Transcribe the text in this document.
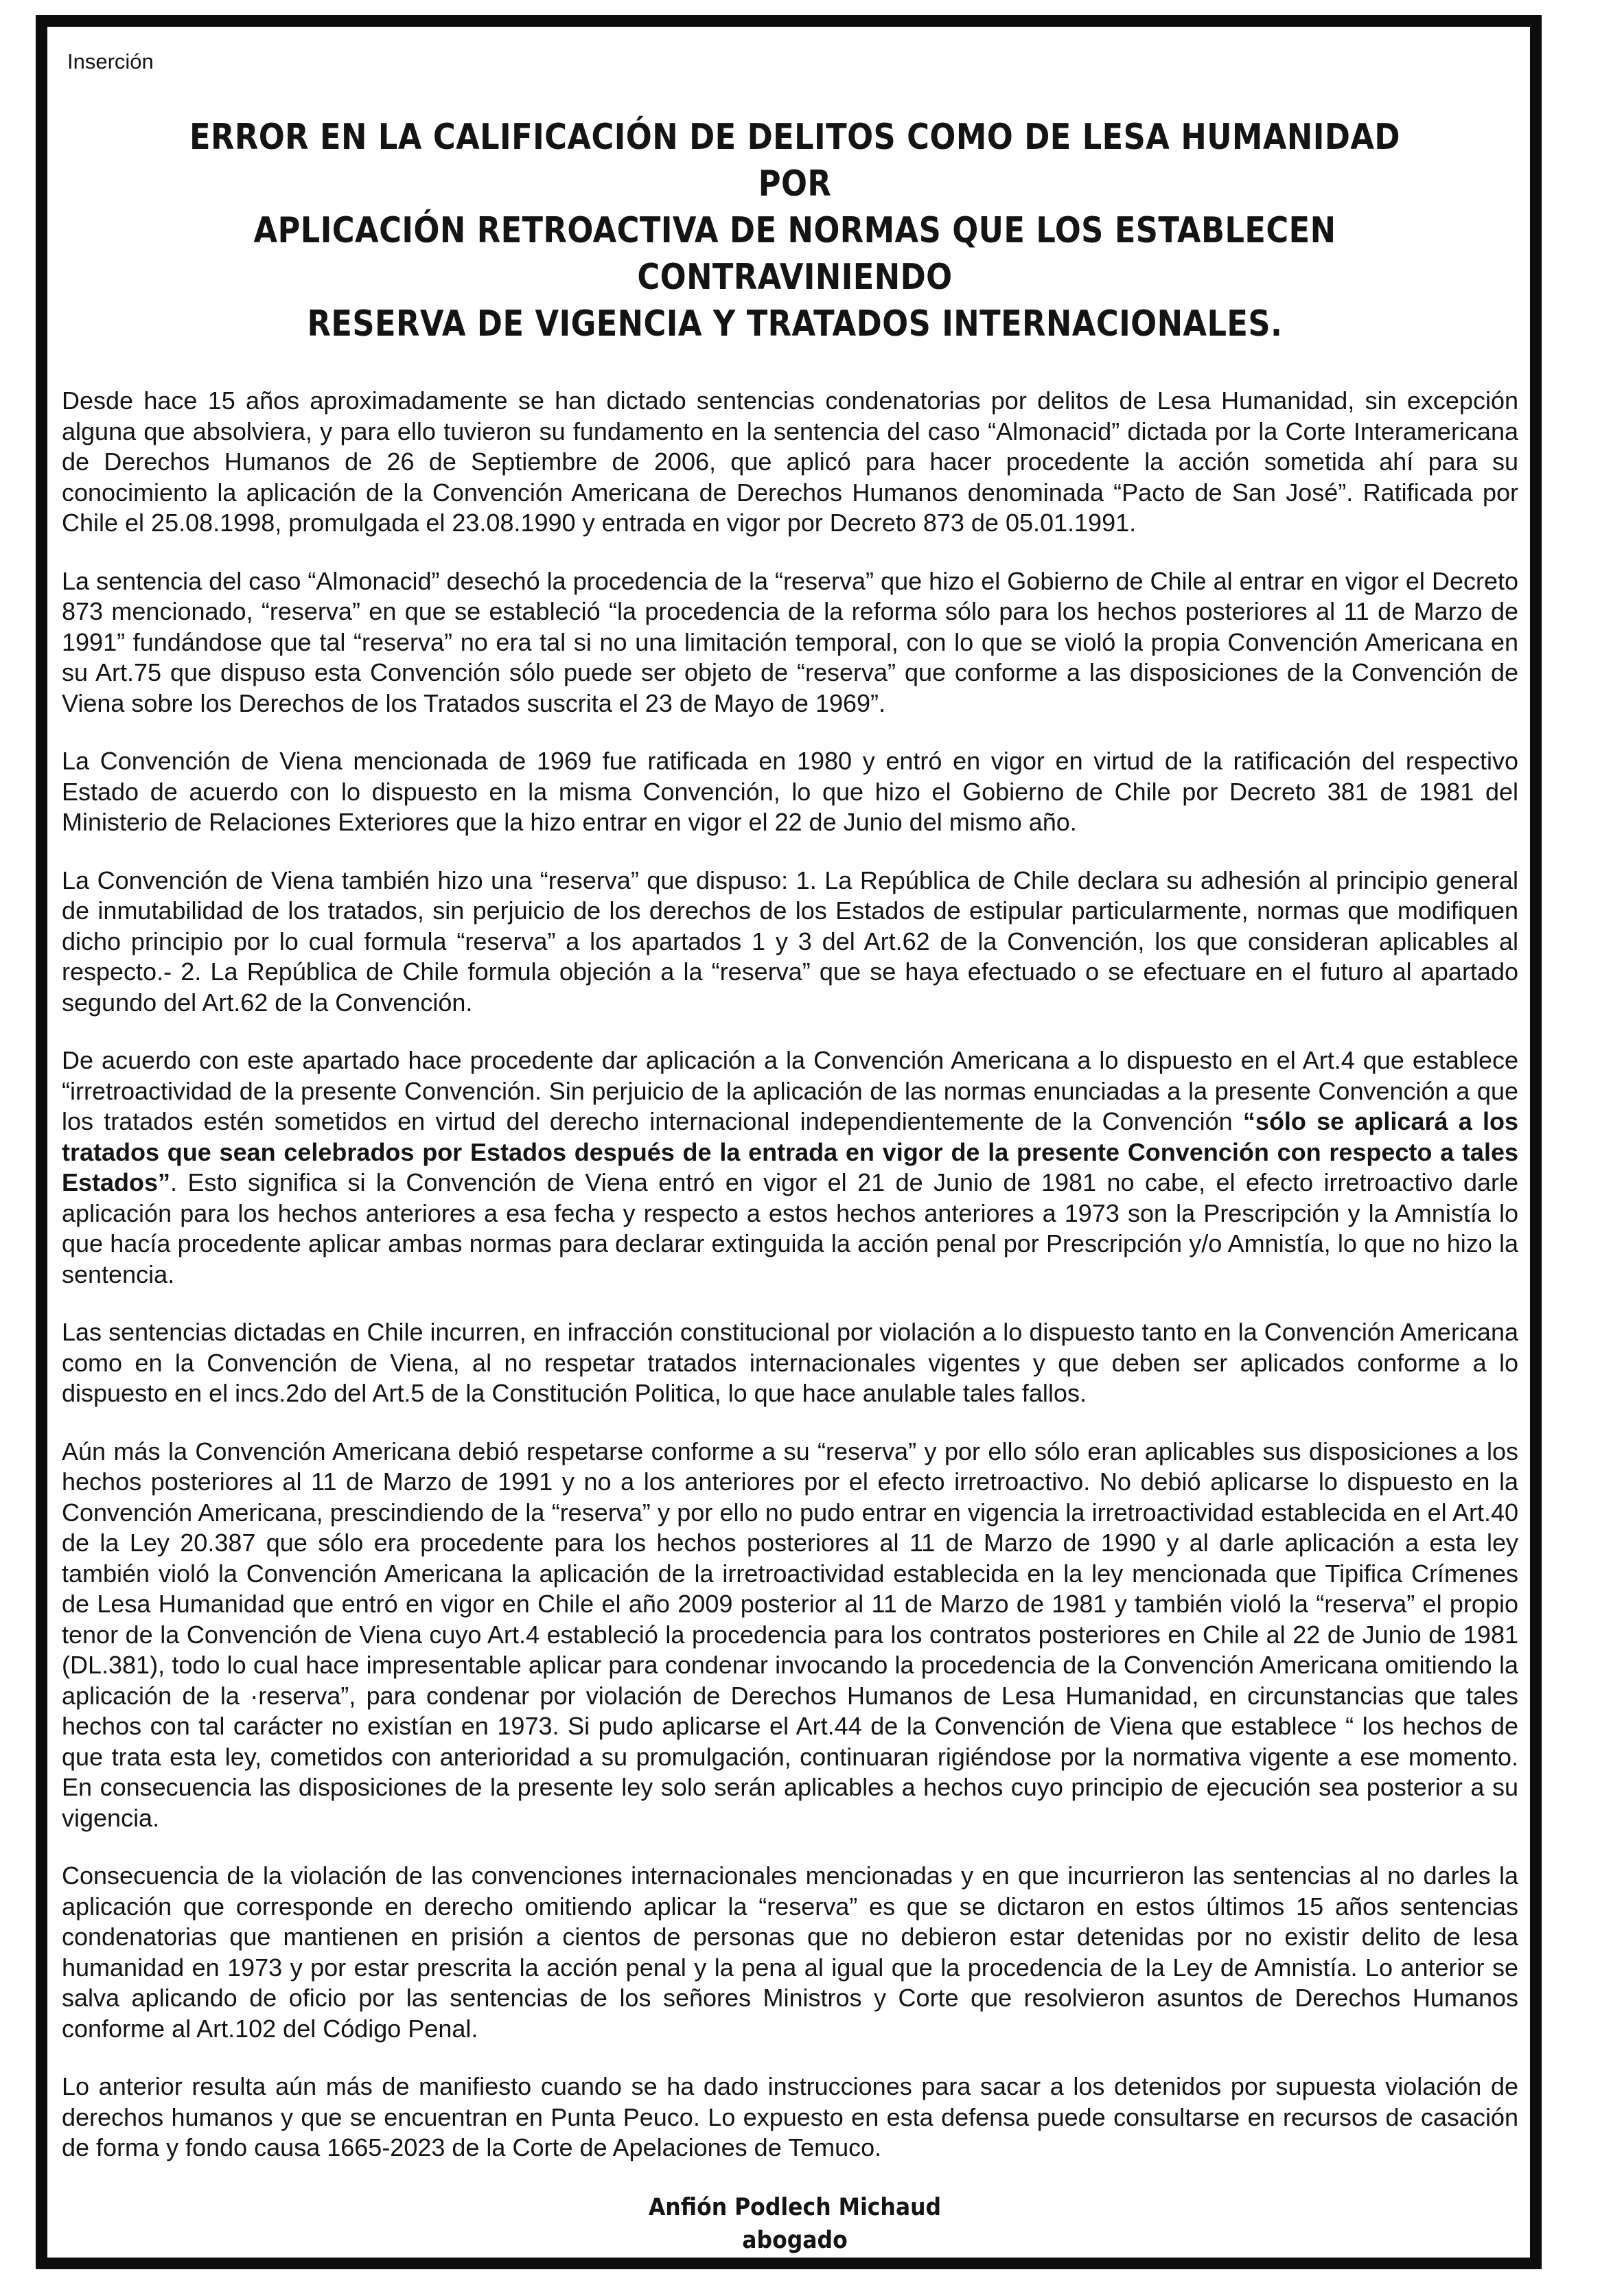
Inserción
ERROR EN LA CALIFICACIÓN DE DELITOS COMO DE LESA HUMANIDAD POR
APLICACIÓN RETROACTIVA DE NORMAS QUE LOS ESTABLECEN CONTRAVINIENDO
RESERVA DE VIGENCIA Y TRATADOS INTERNACIONALES.

Desde hace 15 años aproximadamente se han dictado sentencias condenatorias por delitos de Lesa Humanidad, sin excepción alguna que absolviera, y para ello tuvieron su fundamento en la sentencia del caso “Almonacid” dictada por la Corte Interamericana de Derechos Humanos de 26 de Septiembre de 2006, que aplicó para hacer procedente la acción sometida ahí para su conocimiento la aplicación de la Convención Americana de Derechos Humanos denominada “Pacto de San José”. Ratificada por Chile el 25.08.1998, promulgada el 23.08.1990 y entrada en vigor por Decreto 873 de 05.01.1991.

La sentencia del caso “Almonacid” desechó la procedencia de la “reserva” que hizo el Gobierno de Chile al entrar en vigor el Decreto 873 mencionado, “reserva” en que se estableció “la procedencia de la reforma sólo para los hechos posteriores al 11 de Marzo de 1991” fundándose que tal “reserva” no era tal si no una limitación temporal, con lo que se violó la propia Convención Americana en su Art.75 que dispuso esta Convención sólo puede ser objeto de “reserva” que conforme a las disposiciones de la Convención de Viena sobre los Derechos de los Tratados suscrita el 23 de Mayo de 1969”.

La Convención de Viena mencionada de 1969 fue ratificada en 1980 y entró en vigor en virtud de la ratificación del respectivo Estado de acuerdo con lo dispuesto en la misma Convención, lo que hizo el Gobierno de Chile por Decreto 381 de 1981 del Ministerio de Relaciones Exteriores que la hizo entrar en vigor el 22 de Junio del mismo año.

La Convención de Viena también hizo una “reserva” que dispuso: 1. La República de Chile declara su adhesión al principio general de inmutabilidad de los tratados, sin perjuicio de los derechos de los Estados de estipular particularmente, normas que modifiquen dicho principio por lo cual formula “reserva” a los apartados 1 y 3 del Art.62 de la Convención, los que consideran aplicables al respecto.- 2. La República de Chile formula objeción a la “reserva” que se haya efectuado o se efectuare en el futuro al apartado segundo del Art.62 de la Convención.

De acuerdo con este apartado hace procedente dar aplicación a la Convención Americana a lo dispuesto en el Art.4 que establece “irretroactividad de la presente Convención. Sin perjuicio de la aplicación de las normas enunciadas a la presente Convención a que los tratados estén sometidos en virtud del derecho internacional independientemente de la Convención “sólo se aplicará a los tratados que sean celebrados por Estados después de la entrada en vigor de la presente Convención con respecto a tales Estados”. Esto significa si la Convención de Viena entró en vigor el 21 de Junio de 1981 no cabe, el efecto irretroactivo darle aplicación para los hechos anteriores a esa fecha y respecto a estos hechos anteriores a 1973 son la Prescripción y la Amnistía lo que hacía procedente aplicar ambas normas para declarar extinguida la acción penal por Prescripción y/o Amnistía, lo que no hizo la sentencia.

Las sentencias dictadas en Chile incurren, en infracción constitucional por violación a lo dispuesto tanto en la Convención Americana como en la Convención de Viena, al no respetar tratados internacionales vigentes y que deben ser aplicados conforme a lo dispuesto en el incs.2do del Art.5 de la Constitución Politica, lo que hace anulable tales fallos.

Aún más la Convención Americana debió respetarse conforme a su “reserva” y por ello sólo eran aplicables sus disposiciones a los hechos posteriores al 11 de Marzo de 1991 y no a los anteriores por el efecto irretroactivo. No debió aplicarse lo dispuesto en la Convención Americana, prescindiendo de la “reserva” y por ello no pudo entrar en vigencia la irretroactividad establecida en el Art.40 de la Ley 20.387 que sólo era procedente para los hechos posteriores al 11 de Marzo de 1990 y al darle aplicación a esta ley también violó la Convención Americana la aplicación de la irretroactividad establecida en la ley mencionada que Tipifica Crímenes de Lesa Humanidad que entró en vigor en Chile el año 2009 posterior al 11 de Marzo de 1981 y también violó la “reserva” el propio tenor de la Convención de Viena cuyo Art.4 estableció la procedencia para los contratos posteriores en Chile al 22 de Junio de 1981 (DL.381), todo lo cual hace impresentable aplicar para condenar invocando la procedencia de la Convención Americana omitiendo la aplicación de la ·reserva”, para condenar por violación de Derechos Humanos de Lesa Humanidad, en circunstancias que tales hechos con tal carácter no existían en 1973. Si pudo aplicarse el Art.44 de la Convención de Viena que establece “ los hechos de que trata esta ley, cometidos con anterioridad a su promulgación, continuaran rigiéndose por la normativa vigente a ese momento. En consecuencia las disposiciones de la presente ley solo serán aplicables a hechos cuyo principio de ejecución sea posterior a su vigencia.

Consecuencia de la violación de las convenciones internacionales mencionadas y en que incurrieron las sentencias al no darles la aplicación que corresponde en derecho omitiendo aplicar la “reserva” es que se dictaron en estos últimos 15 años sentencias condenatorias que mantienen en prisión a cientos de personas que no debieron estar detenidas por no existir delito de lesa humanidad en 1973 y por estar prescrita la acción penal y la pena al igual que la procedencia de la Ley de Amnistía. Lo anterior se salva aplicando de oficio por las sentencias de los señores Ministros y Corte que resolvieron asuntos de Derechos Humanos conforme al Art.102 del Código Penal.

Lo anterior resulta aún más de manifiesto cuando se ha dado instrucciones para sacar a los detenidos por supuesta violación de derechos humanos y que se encuentran en Punta Peuco. Lo expuesto en esta defensa puede consultarse en recursos de casación de forma y fondo causa 1665-2023 de la Corte de Apelaciones de Temuco.

Anfión Podlech Michaud
abogado
